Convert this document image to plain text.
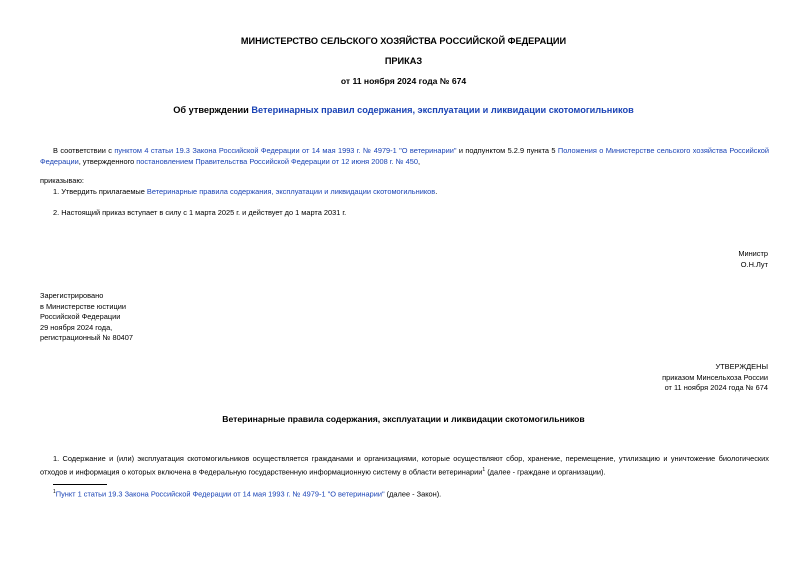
МИНИСТЕРСТВО СЕЛЬСКОГО ХОЗЯЙСТВА РОССИЙСКОЙ ФЕДЕРАЦИИ
ПРИКАЗ
от 11 ноября 2024 года № 674
Об утверждении Ветеринарных правил содержания, эксплуатации и ликвидации скотомогильников
В соответствии с пунктом 4 статьи 19.3 Закона Российской Федерации от 14 мая 1993 г. № 4979-1 "О ветеринарии" и подпунктом 5.2.9 пункта 5 Положения о Министерстве сельского хозяйства Российской Федерации, утвержденного постановлением Правительства Российской Федерации от 12 июня 2008 г. № 450,
приказываю:
1. Утвердить прилагаемые Ветеринарные правила содержания, эксплуатации и ликвидации скотомогильников.
2. Настоящий приказ вступает в силу с 1 марта 2025 г. и действует до 1 марта 2031 г.
Министр
О.Н.Лут
Зарегистрировано
в Министерстве юстиции
Российской Федерации
29 ноября 2024 года,
регистрационный № 80407
УТВЕРЖДЕНЫ
приказом Минсельхоза России
от 11 ноября 2024 года № 674
Ветеринарные правила содержания, эксплуатации и ликвидации скотомогильников
1. Содержание и (или) эксплуатация скотомогильников осуществляется гражданами и организациями, которые осуществляют сбор, хранение, перемещение, утилизацию и уничтожение биологических отходов и информация о которых включена в Федеральную государственную информационную систему в области ветеринарии$^1$ (далее - граждане и организации).
$^1$Пункт 1 статьи 19.3 Закона Российской Федерации от 14 мая 1993 г. № 4979-1 "О ветеринарии" (далее - Закон).
